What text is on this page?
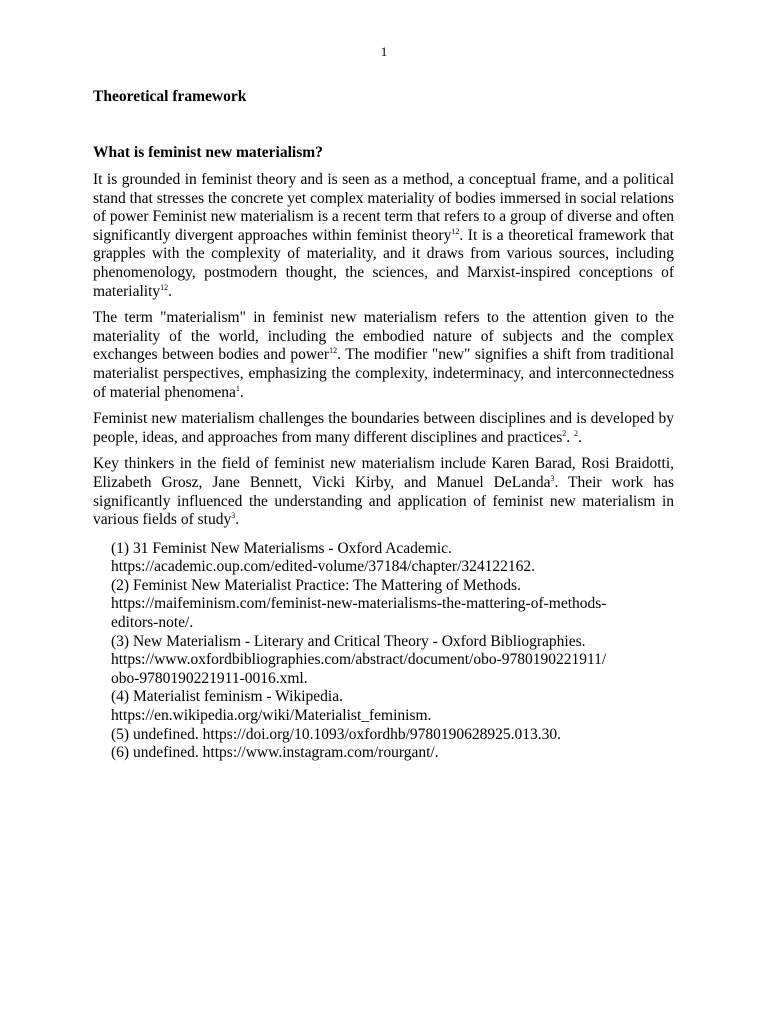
1
Theoretical framework
What is feminist new materialism?

It is grounded in feminist theory and is seen as a method, a conceptual frame, and a political stand that stresses the concrete yet complex materiality of bodies immersed in social relations of power Feminist new materialism is a recent term that refers to a group of diverse and often significantly divergent approaches within feminist theory$^{12}$. It is a theoretical framework that grapples with the complexity of materiality, and it draws from various sources, including phenomenology, postmodern thought, the sciences, and Marxist-inspired conceptions of materiality$^{12}$.

The term "materialism" in feminist new materialism refers to the attention given to the materiality of the world, including the embodied nature of subjects and the complex exchanges between bodies and power$^{12}$. The modifier "new" signifies a shift from traditional materialist perspectives, emphasizing the complexity, indeterminacy, and interconnectedness of material phenomena$^1$.

Feminist new materialism challenges the boundaries between disciplines and is developed by people, ideas, and approaches from many different disciplines and practices$^2$. $^2$.

Key thinkers in the field of feminist new materialism include Karen Barad, Rosi Braidotti, Elizabeth Grosz, Jane Bennett, Vicki Kirby, and Manuel DeLanda$^3$. Their work has significantly influenced the understanding and application of feminist new materialism in various fields of study$^3$.

(1) 31 Feminist New Materialisms - Oxford Academic.
https://academic.oup.com/edited-volume/37184/chapter/324122162.
(2) Feminist New Materialist Practice: The Mattering of Methods.
https://maifeminism.com/feminist-new-materialisms-the-mattering-of-methods-
editors-note/.
(3) New Materialism - Literary and Critical Theory - Oxford Bibliographies.
https://www.oxfordbibliographies.com/abstract/document/obo-9780190221911/
obo-9780190221911-0016.xml.
(4) Materialist feminism - Wikipedia.
https://en.wikipedia.org/wiki/Materialist_feminism.
(5) undefined. https://doi.org/10.1093/oxfordhb/9780190628925.013.30.
(6) undefined. https://www.instagram.com/rourgant/.
